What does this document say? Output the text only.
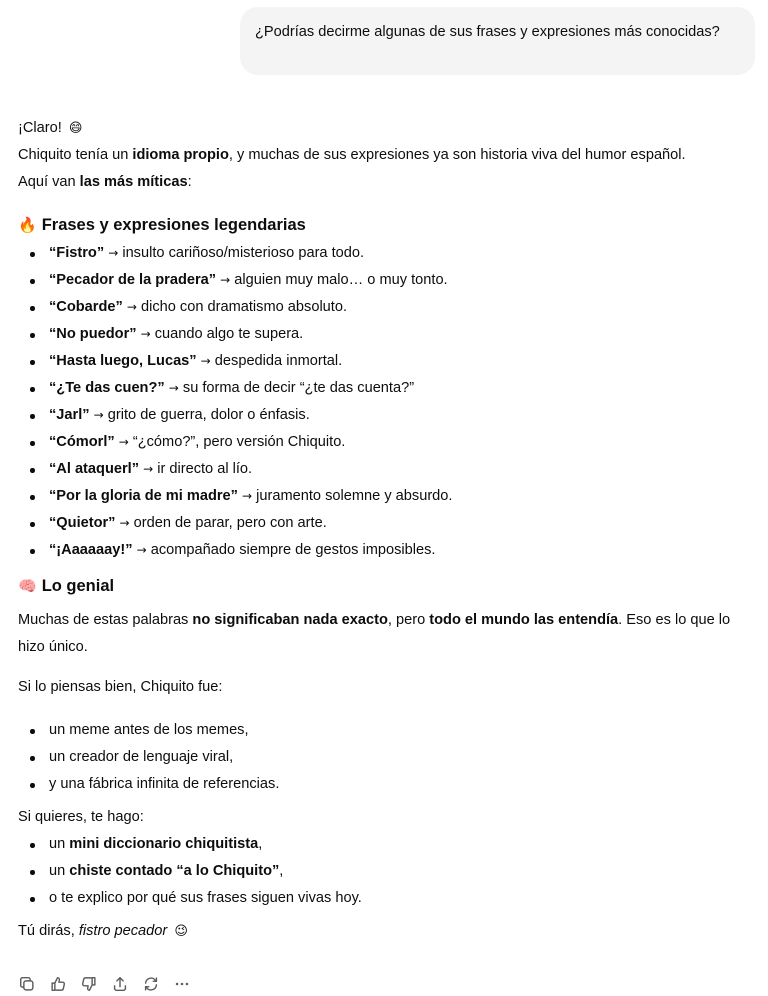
¿Podrías decirme algunas de sus frases y expresiones más conocidas?
¡Claro! 😄
Chiquito tenía un idioma propio, y muchas de sus expresiones ya son historia viva del humor español.
Aquí van las más míticas:
🔥 Frases y expresiones legendarias
“Fistro” → insulto cariñoso/misterioso para todo.
“Pecador de la pradera” → alguien muy malo… o muy tonto.
“Cobarde” → dicho con dramatismo absoluto.
“No puedor” → cuando algo te supera.
“Hasta luego, Lucas” → despedida inmortal.
“¿Te das cuen?” → su forma de decir “¿te das cuenta?”
“Jarl” → grito de guerra, dolor o énfasis.
“Cómorl” → “¿cómo?”, pero versión Chiquito.
“Al ataquerl” → ir directo al lío.
“Por la gloria de mi madre” → juramento solemne y absurdo.
“Quietor” → orden de parar, pero con arte.
“¡Aaaaaay!” → acompañado siempre de gestos imposibles.
🧠 Lo genial
Muchas de estas palabras no significaban nada exacto, pero todo el mundo las entendía. Eso es lo que lo hizo único.
Si lo piensas bien, Chiquito fue:
un meme antes de los memes,
un creador de lenguaje viral,
y una fábrica infinita de referencias.
Si quieres, te hago:
un mini diccionario chiquitista,
un chiste contado “a lo Chiquito”,
o te explico por qué sus frases siguen vivas hoy.
Tú dirás, fistro pecador 😉
